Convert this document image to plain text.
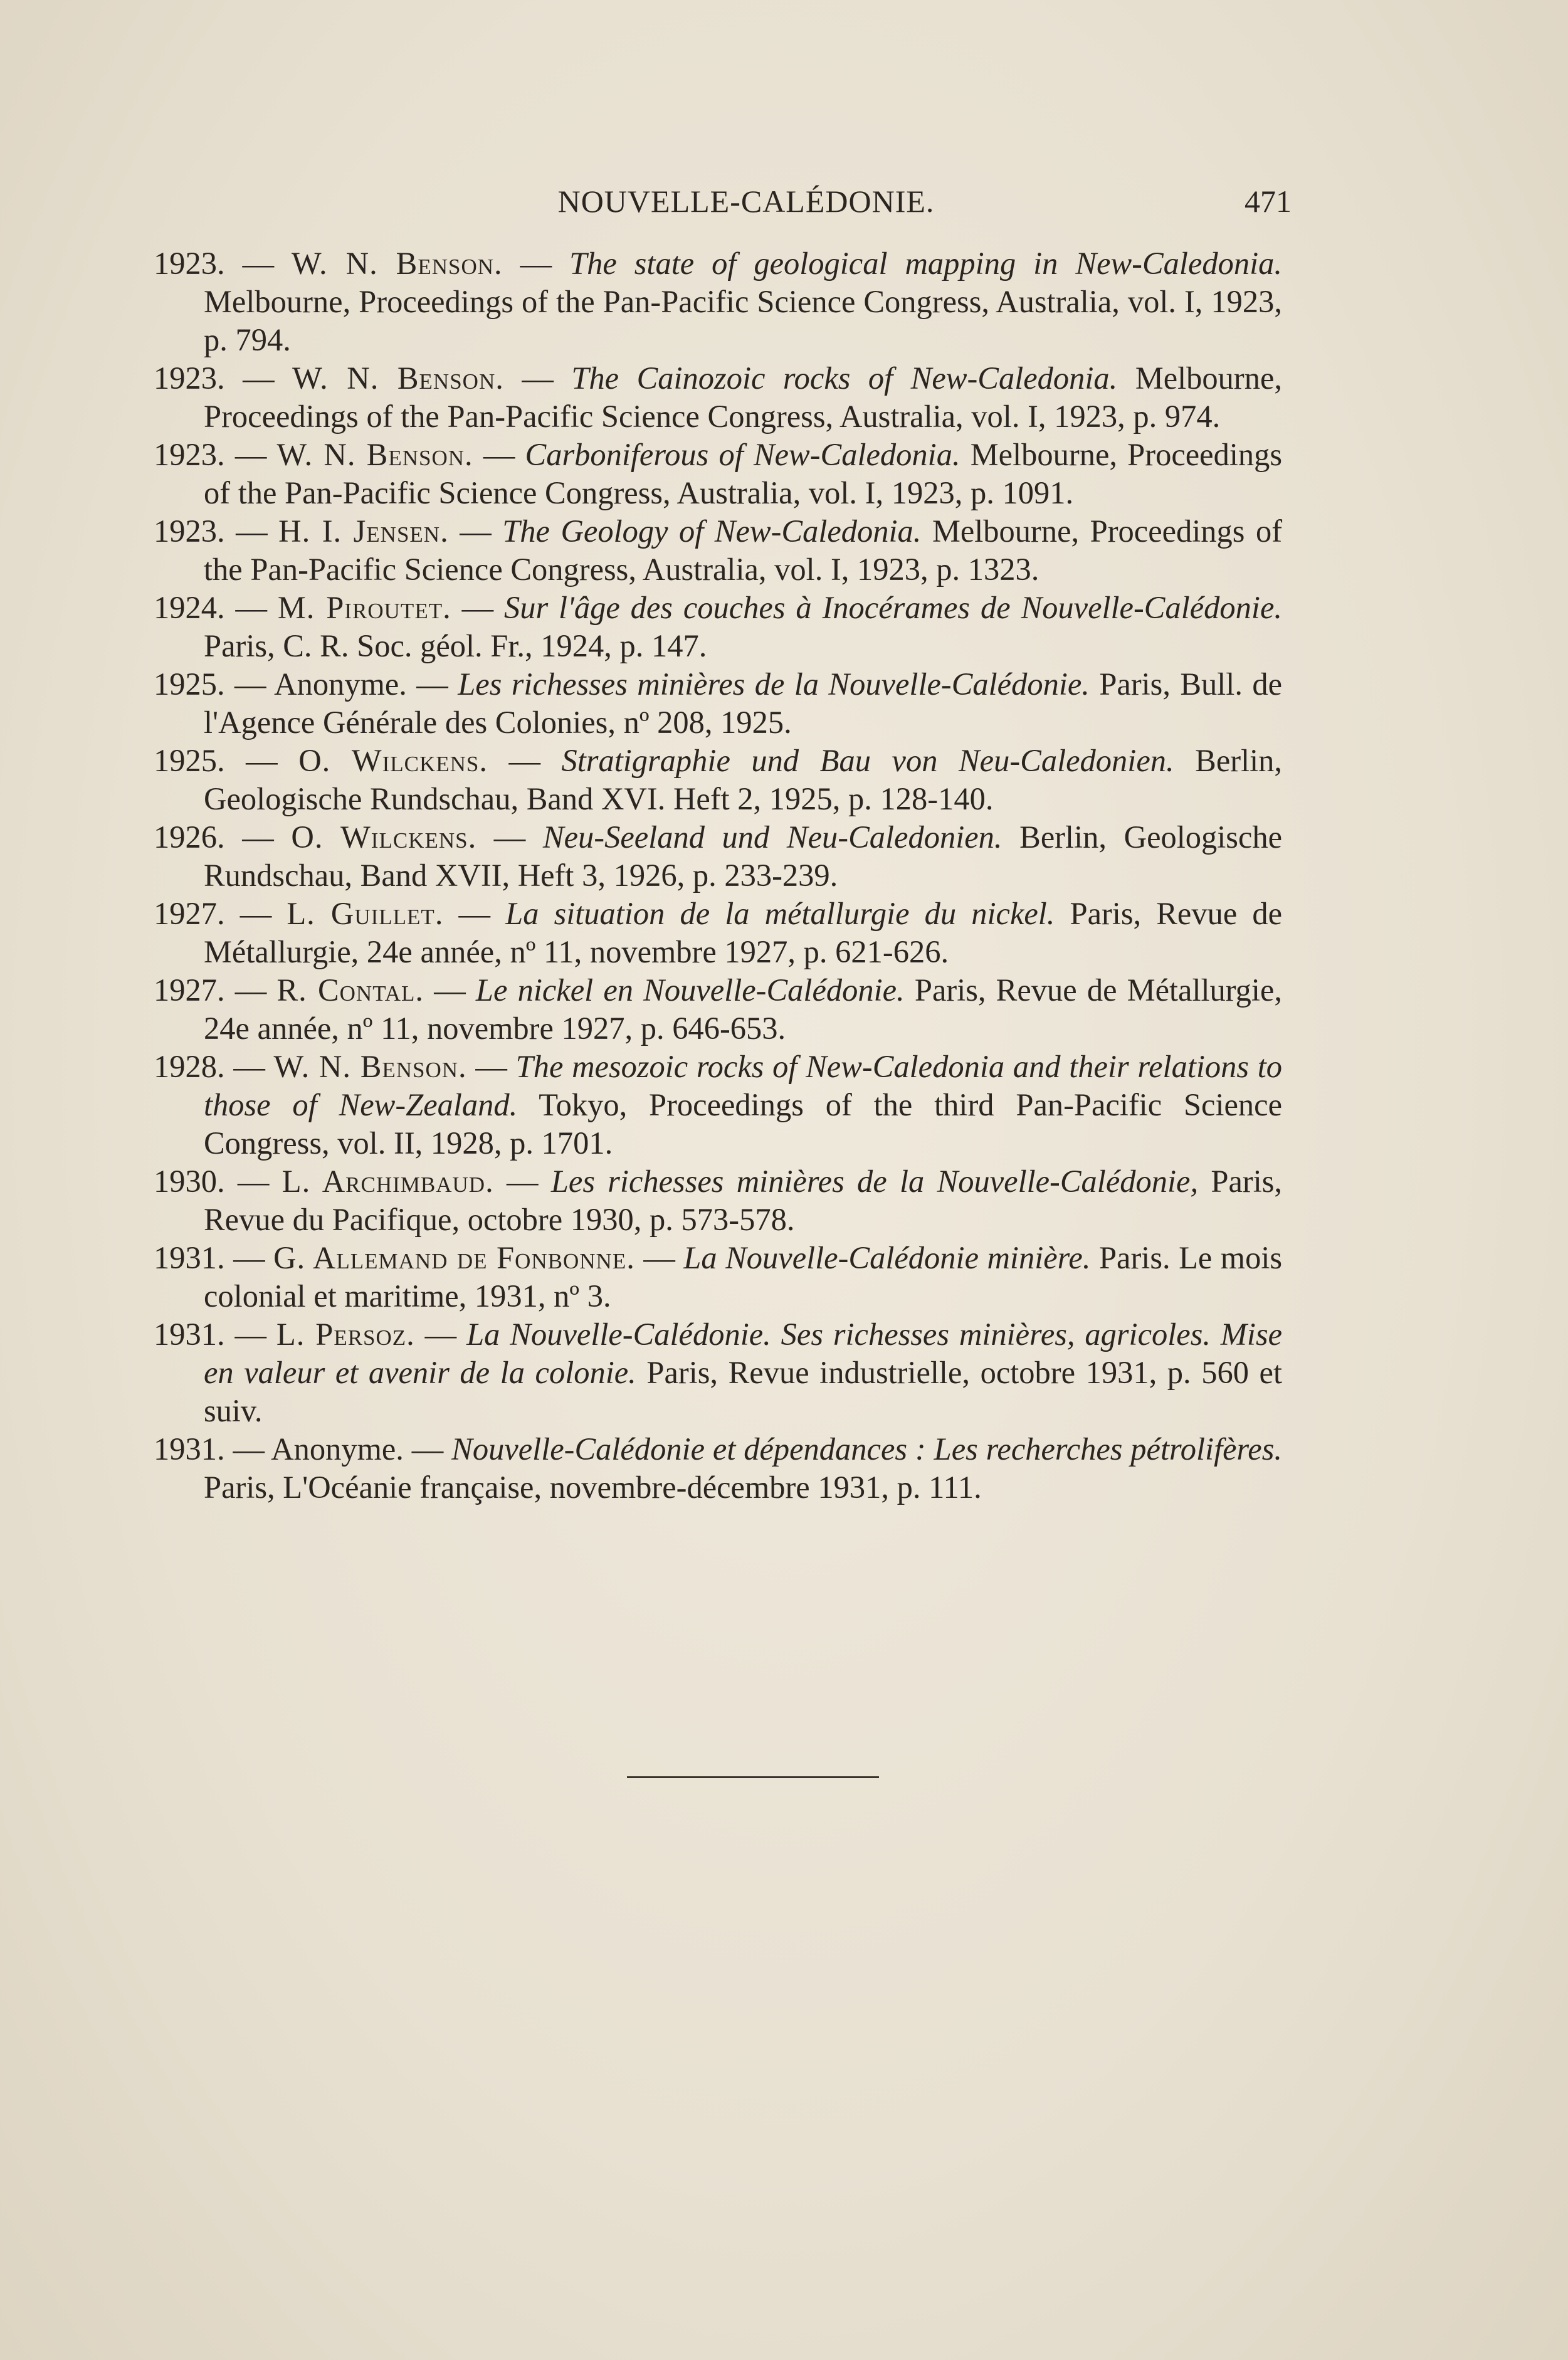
NOUVELLE-CALÉDONIE.	471

1923. — W. N. Benson. — The state of geological mapping in New-Caledonia. Melbourne, Proceedings of the Pan-Pacific Science Congress, Australia, vol. I, 1923, p. 794.

1923. — W. N. Benson. — The Cainozoic rocks of New-Caledonia. Melbourne, Proceedings of the Pan-Pacific Science Congress, Australia, vol. I, 1923, p. 974.

1923. — W. N. Benson. — Carboniferous of New-Caledonia. Melbourne, Proceedings of the Pan-Pacific Science Congress, Australia, vol. I, 1923, p. 1091.

1923. — H. I. Jensen. — The Geology of New-Caledonia. Melbourne, Proceedings of the Pan-Pacific Science Congress, Australia, vol. I, 1923, p. 1323.

1924. — M. Piroutet. — Sur l'âge des couches à Inocérames de Nouvelle-Calédonie. Paris, C. R. Soc. géol. Fr., 1924, p. 147.

1925. — Anonyme. — Les richesses minières de la Nouvelle-Calédonie. Paris, Bull. de l'Agence Générale des Colonies, nº 208, 1925.

1925. — O. Wilckens. — Stratigraphie und Bau von Neu-Caledonien. Berlin, Geologische Rundschau, Band XVI. Heft 2, 1925, p. 128-140.

1926. — O. Wilckens. — Neu-Seeland und Neu-Caledonien. Berlin, Geologische Rundschau, Band XVII, Heft 3, 1926, p. 233-239.

1927. — L. Guillet. — La situation de la métallurgie du nickel. Paris, Revue de Métallurgie, 24e année, nº 11, novembre 1927, p. 621-626.

1927. — R. Contal. — Le nickel en Nouvelle-Calédonie. Paris, Revue de Métallurgie, 24e année, nº 11, novembre 1927, p. 646-653.

1928. — W. N. Benson. — The mesozoic rocks of New-Caledonia and their relations to those of New-Zealand. Tokyo, Proceedings of the third Pan-Pacific Science Congress, vol. II, 1928, p. 1701.

1930. — L. Archimbaud. — Les richesses minières de la Nouvelle-Calédonie, Paris, Revue du Pacifique, octobre 1930, p. 573-578.

1931. — G. Allemand de Fonbonne. — La Nouvelle-Calédonie minière. Paris. Le mois colonial et maritime, 1931, nº 3.

1931. — L. Persoz. — La Nouvelle-Calédonie. Ses richesses minières, agricoles. Mise en valeur et avenir de la colonie. Paris, Revue industrielle, octobre 1931, p. 560 et suiv.

1931. — Anonyme. — Nouvelle-Calédonie et dépendances : Les recherches pétrolifères. Paris, L'Océanie française, novembre-décembre 1931, p. 111.
